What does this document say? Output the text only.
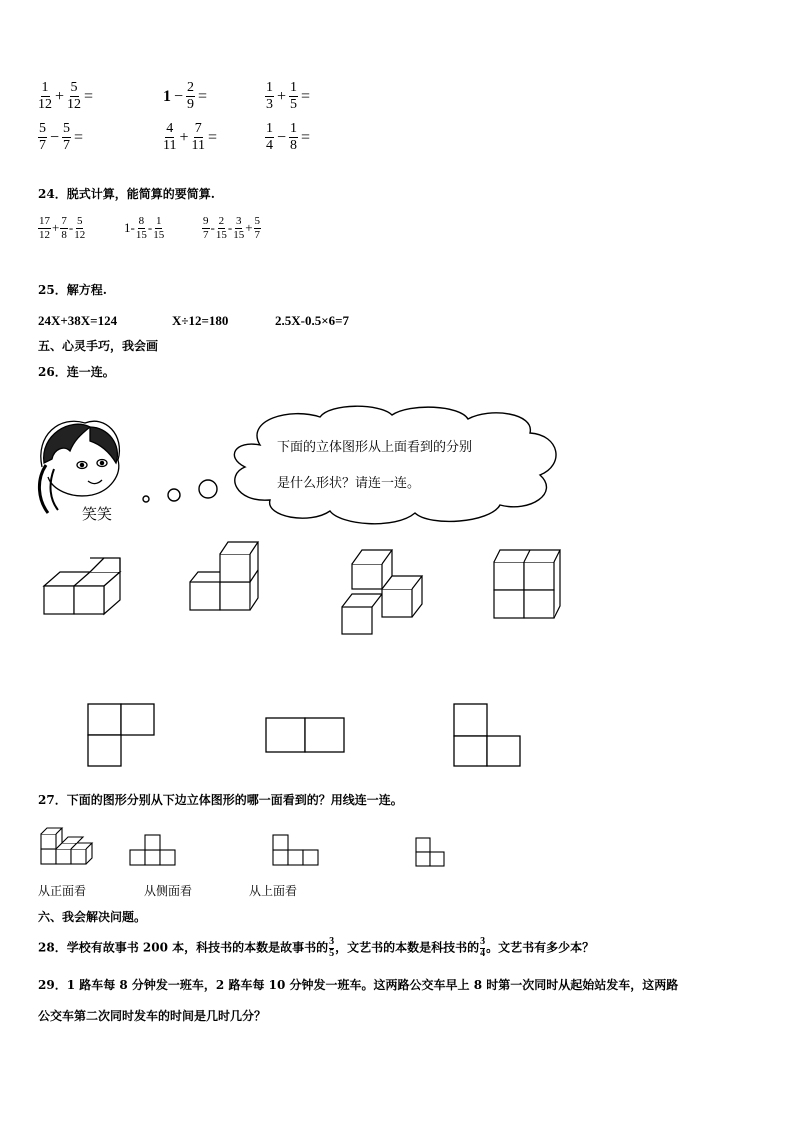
$\frac{1}{12} + \frac{5}{12}$ =	$1 - \frac{2}{9}$ =	$\frac{1}{3} + \frac{1}{5}$ =
$\frac{5}{7} - \frac{5}{7}$ =	$\frac{4}{11} + \frac{7}{11}$ =	$\frac{1}{4} - \frac{1}{8}$ =
24．脱式计算，能简算的要简算.
$\frac{17}{12} + \frac{7}{8} - \frac{5}{12}$	$1- \frac{8}{15} - \frac{1}{15}$	$\frac{9}{7} - \frac{2}{15} - \frac{3}{15} + \frac{5}{7}$
25．解方程.
24X+38X=124	X÷12=180	2.5X-0.5×6=7
五、心灵手巧，我会画
26．连一连。
下面的立体图形从上面看到的分别
是什么形状？请连一连。
笑笑
27．下面的图形分别从下边立体图形的哪一面看到的？用线连一连。
从正面看	从侧面看	从上面看
六、我会解决问题。
28．学校有故事书 200 本，科技书的本数是故事书的 $\frac{3}{5}$ ，文艺书的本数是科技书的 $\frac{3}{4}$ 。文艺书有多少本？
29．1 路车每 8 分钟发一班车，2 路车每 10 分钟发一班车。这两路公交车早上 8 时第一次同时从起始站发车，这两路
公交车第二次同时发车的时间是几时几分？
